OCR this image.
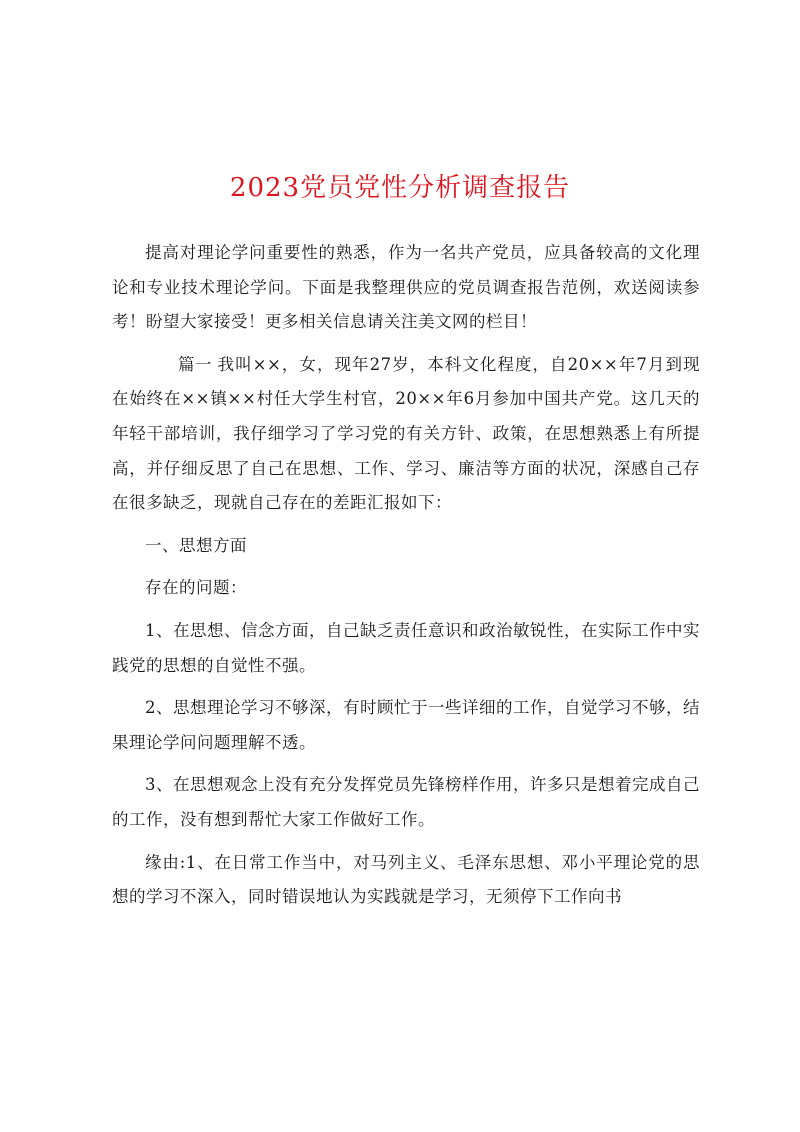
2023党员党性分析调查报告

提高对理论学问重要性的熟悉，作为一名共产党员，应具备较高的文化理论和专业技术理论学问。下面是我整理供应的党员调查报告范例，欢送阅读参考！盼望大家接受！更多相关信息请关注美文网的栏目！

篇一 我叫××，女，现年27岁，本科文化程度，自20××年7月到现在始终在××镇××村任大学生村官，20××年6月参加中国共产党。这几天的年轻干部培训，我仔细学习了学习党的有关方针、政策，在思想熟悉上有所提高，并仔细反思了自己在思想、工作、学习、廉洁等方面的状况，深感自己存在很多缺乏，现就自己存在的差距汇报如下：

一、思想方面

存在的问题：

1、在思想、信念方面，自己缺乏责任意识和政治敏锐性，在实际工作中实践党的思想的自觉性不强。

2、思想理论学习不够深，有时顾忙于一些详细的工作，自觉学习不够，结果理论学问问题理解不透。

3、在思想观念上没有充分发挥党员先锋榜样作用，许多只是想着完成自己的工作，没有想到帮忙大家工作做好工作。

缘由:1、在日常工作当中，对马列主义、毛泽东思想、邓小平理论党的思想的学习不深入，同时错误地认为实践就是学习，无须停下工作向书
